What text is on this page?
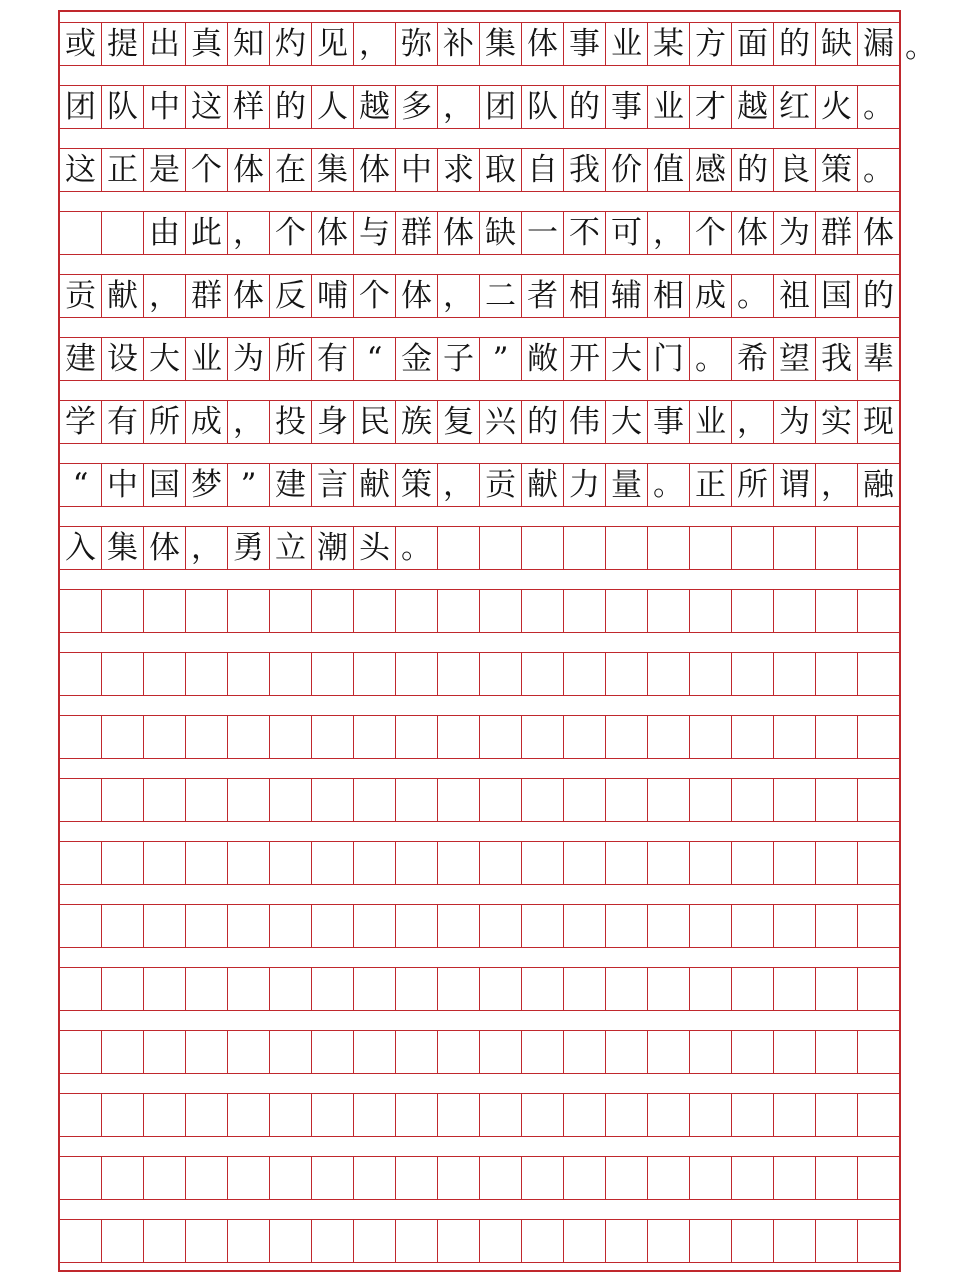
或 提 出 真 知 灼 见 ， 弥 补 集 体 事 业 某 方 面 的 缺 漏
团 队 中 这 样 的 人 越 多 ， 团 队 的 事 业 才 越 红 火 。
这 正 是 个 体 在 集 体 中 求 取 自 我 价 值 感 的 良 策 。
由 此 ， 个 体 与 群 体 缺 一 不 可 ， 个 体 为 群 体
贡 献 ， 群 体 反 哺 个 体 ， 二 者 相 辅 相 成 。 祖 国 的
建 设 大 业 为 所 有 “ 金 子 ” 敞 开 大 门 。 希 望 我 辈
学 有 所 成 ， 投 身 民 族 复 兴 的 伟 大 事 业 ， 为 实 现
“ 中 国 梦 ” 建 言 献 策 ， 贡 献 力 量 。 正 所 谓 ， 融
入 集 体 ， 勇 立 潮 头 。
。
